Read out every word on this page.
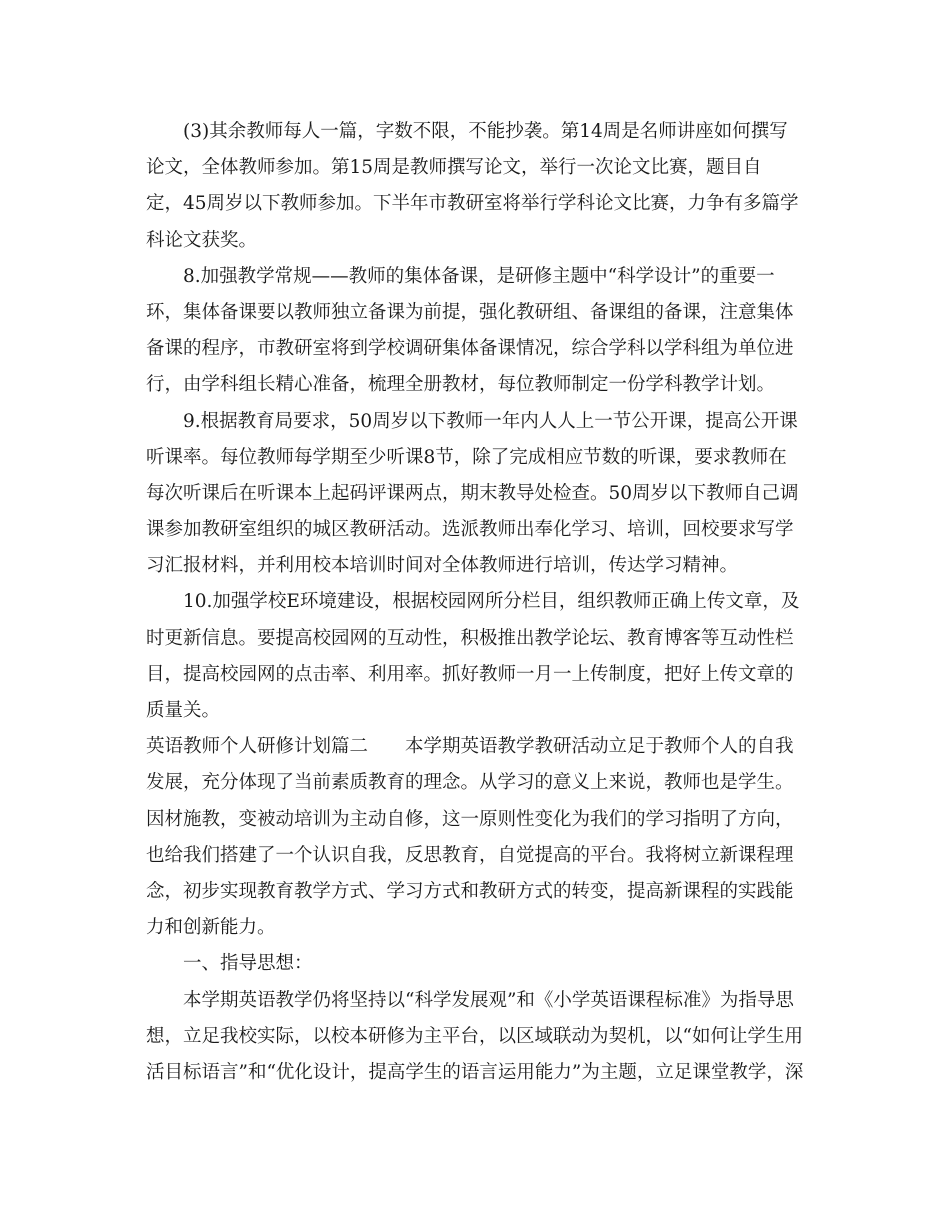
　　(3)其余教师每人一篇，字数不限，不能抄袭。第14周是名师讲座如何撰写
论文，全体教师参加。第15周是教师撰写论文，举行一次论文比赛，题目自
定，45周岁以下教师参加。下半年市教研室将举行学科论文比赛，力争有多篇学
科论文获奖。
　　8.加强教学常规——教师的集体备课，是研修主题中“科学设计”的重要一
环，集体备课要以教师独立备课为前提，强化教研组、备课组的备课，注意集体
备课的程序，市教研室将到学校调研集体备课情况，综合学科以学科组为单位进
行，由学科组长精心准备，梳理全册教材，每位教师制定一份学科教学计划。
　　9.根据教育局要求，50周岁以下教师一年内人人上一节公开课，提高公开课
听课率。每位教师每学期至少听课8节，除了完成相应节数的听课，要求教师在
每次听课后在听课本上起码评课两点，期末教导处检查。50周岁以下教师自己调
课参加教研室组织的城区教研活动。选派教师出奉化学习、培训，回校要求写学
习汇报材料，并利用校本培训时间对全体教师进行培训，传达学习精神。
　　10.加强学校E环境建设，根据校园网所分栏目，组织教师正确上传文章，及
时更新信息。要提高校园网的互动性，积极推出教学论坛、教育博客等互动性栏
目，提高校园网的点击率、利用率。抓好教师一月一上传制度，把好上传文章的
质量关。
英语教师个人研修计划篇二　　本学期英语教学教研活动立足于教师个人的自我
发展，充分体现了当前素质教育的理念。从学习的意义上来说，教师也是学生。
因材施教，变被动培训为主动自修，这一原则性变化为我们的学习指明了方向，
也给我们搭建了一个认识自我，反思教育，自觉提高的平台。我将树立新课程理
念，初步实现教育教学方式、学习方式和教研方式的转变，提高新课程的实践能
力和创新能力。
　　一、指导思想：
　　本学期英语教学仍将坚持以“科学发展观”和《小学英语课程标准》为指导思
想，立足我校实际，以校本研修为主平台，以区域联动为契机，以“如何让学生用
活目标语言”和“优化设计，提高学生的语言运用能力”为主题，立足课堂教学，深
